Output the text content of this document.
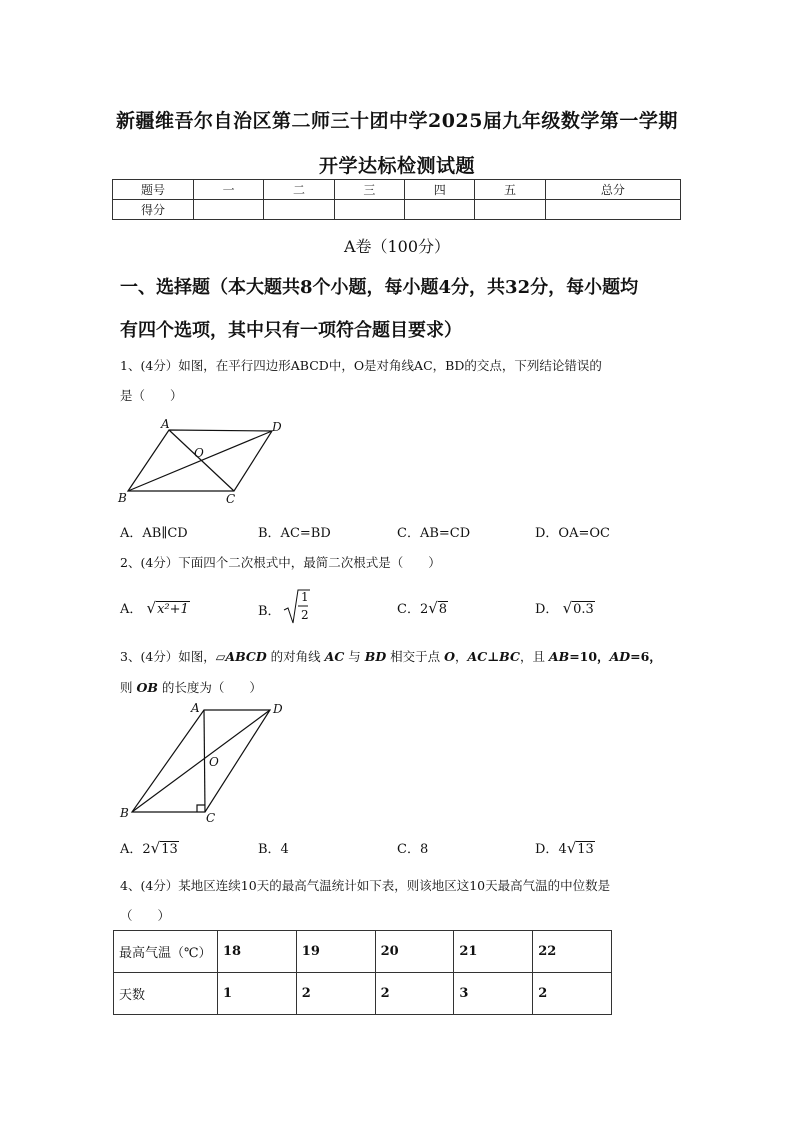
新疆维吾尔自治区第二师三十团中学2025届九年级数学第一学期
开学达标检测试题
题号	一	二	三	四	五	总分
得分						
A卷（100分）
一、选择题（本大题共8个小题，每小题4分，共32分，每小题均
有四个选项，其中只有一项符合题目要求）
1、(4分）如图，在平行四边形ABCD中，O是对角线AC，BD的交点，下列结论错误的
是（　　）
A	D
O
B	C
A．AB∥CD	B．AC=BD	C．AB=CD	D．OA=OC
2、(4分）下面四个二次根式中，最简二次根式是（　　）
A． √x²+1	B．
1
2	C．2√8	D． √0.3
3、(4分）如图，▱ABCD 的对角线 AC 与 BD 相交于点 O，AC⊥BC，且 AB=10，AD=6，
则 OB 的长度为（　　）
A	D
O
B	C
A．2√13	B．4	C．8	D．4√13
4、(4分）某地区连续10天的最高气温统计如下表，则该地区这10天最高气温的中位数是
（　　）
最高气温（℃）	18	19	20	21	22
天数	1	2	2	3	2
